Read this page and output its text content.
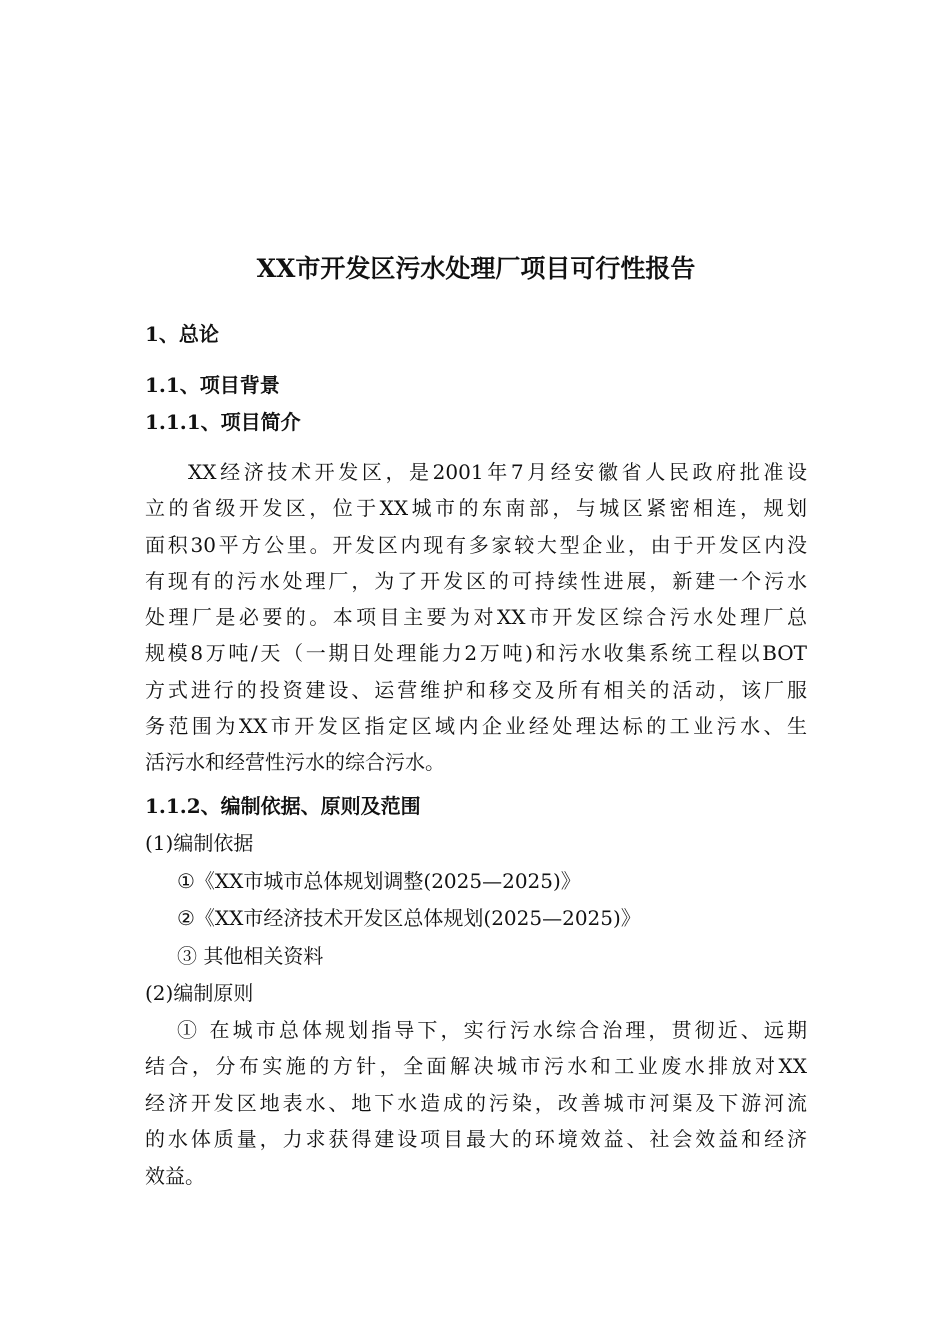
XX市开发区污水处理厂项目可行性报告
1、总论
1.1、项目背景
1.1.1、项目简介
XX经济技术开发区，是2001年7月经安徽省人民政府批准设
立的省级开发区，位于XX城市的东南部，与城区紧密相连，规划
面积30平方公里。开发区内现有多家较大型企业，由于开发区内没
有现有的污水处理厂，为了开发区的可持续性进展，新建一个污水
处理厂是必要的。本项目主要为对XX市开发区综合污水处理厂总
规模8万吨/天（一期日处理能力2万吨)和污水收集系统工程以BOT
方式进行的投资建设、运营维护和移交及所有相关的活动，该厂服
务范围为XX市开发区指定区域内企业经处理达标的工业污水、生
活污水和经营性污水的综合污水。
1.1.2、编制依据、原则及范围
(1)编制依据
①《XX市城市总体规划调整(2025—2025)》
②《XX市经济技术开发区总体规划(2025—2025)》
③ 其他相关资料
(2)编制原则
① 在城市总体规划指导下，实行污水综合治理，贯彻近、远期
结合，分布实施的方针，全面解决城市污水和工业废水排放对XX
经济开发区地表水、地下水造成的污染，改善城市河渠及下游河流
的水体质量，力求获得建设项目最大的环境效益、社会效益和经济
效益。
